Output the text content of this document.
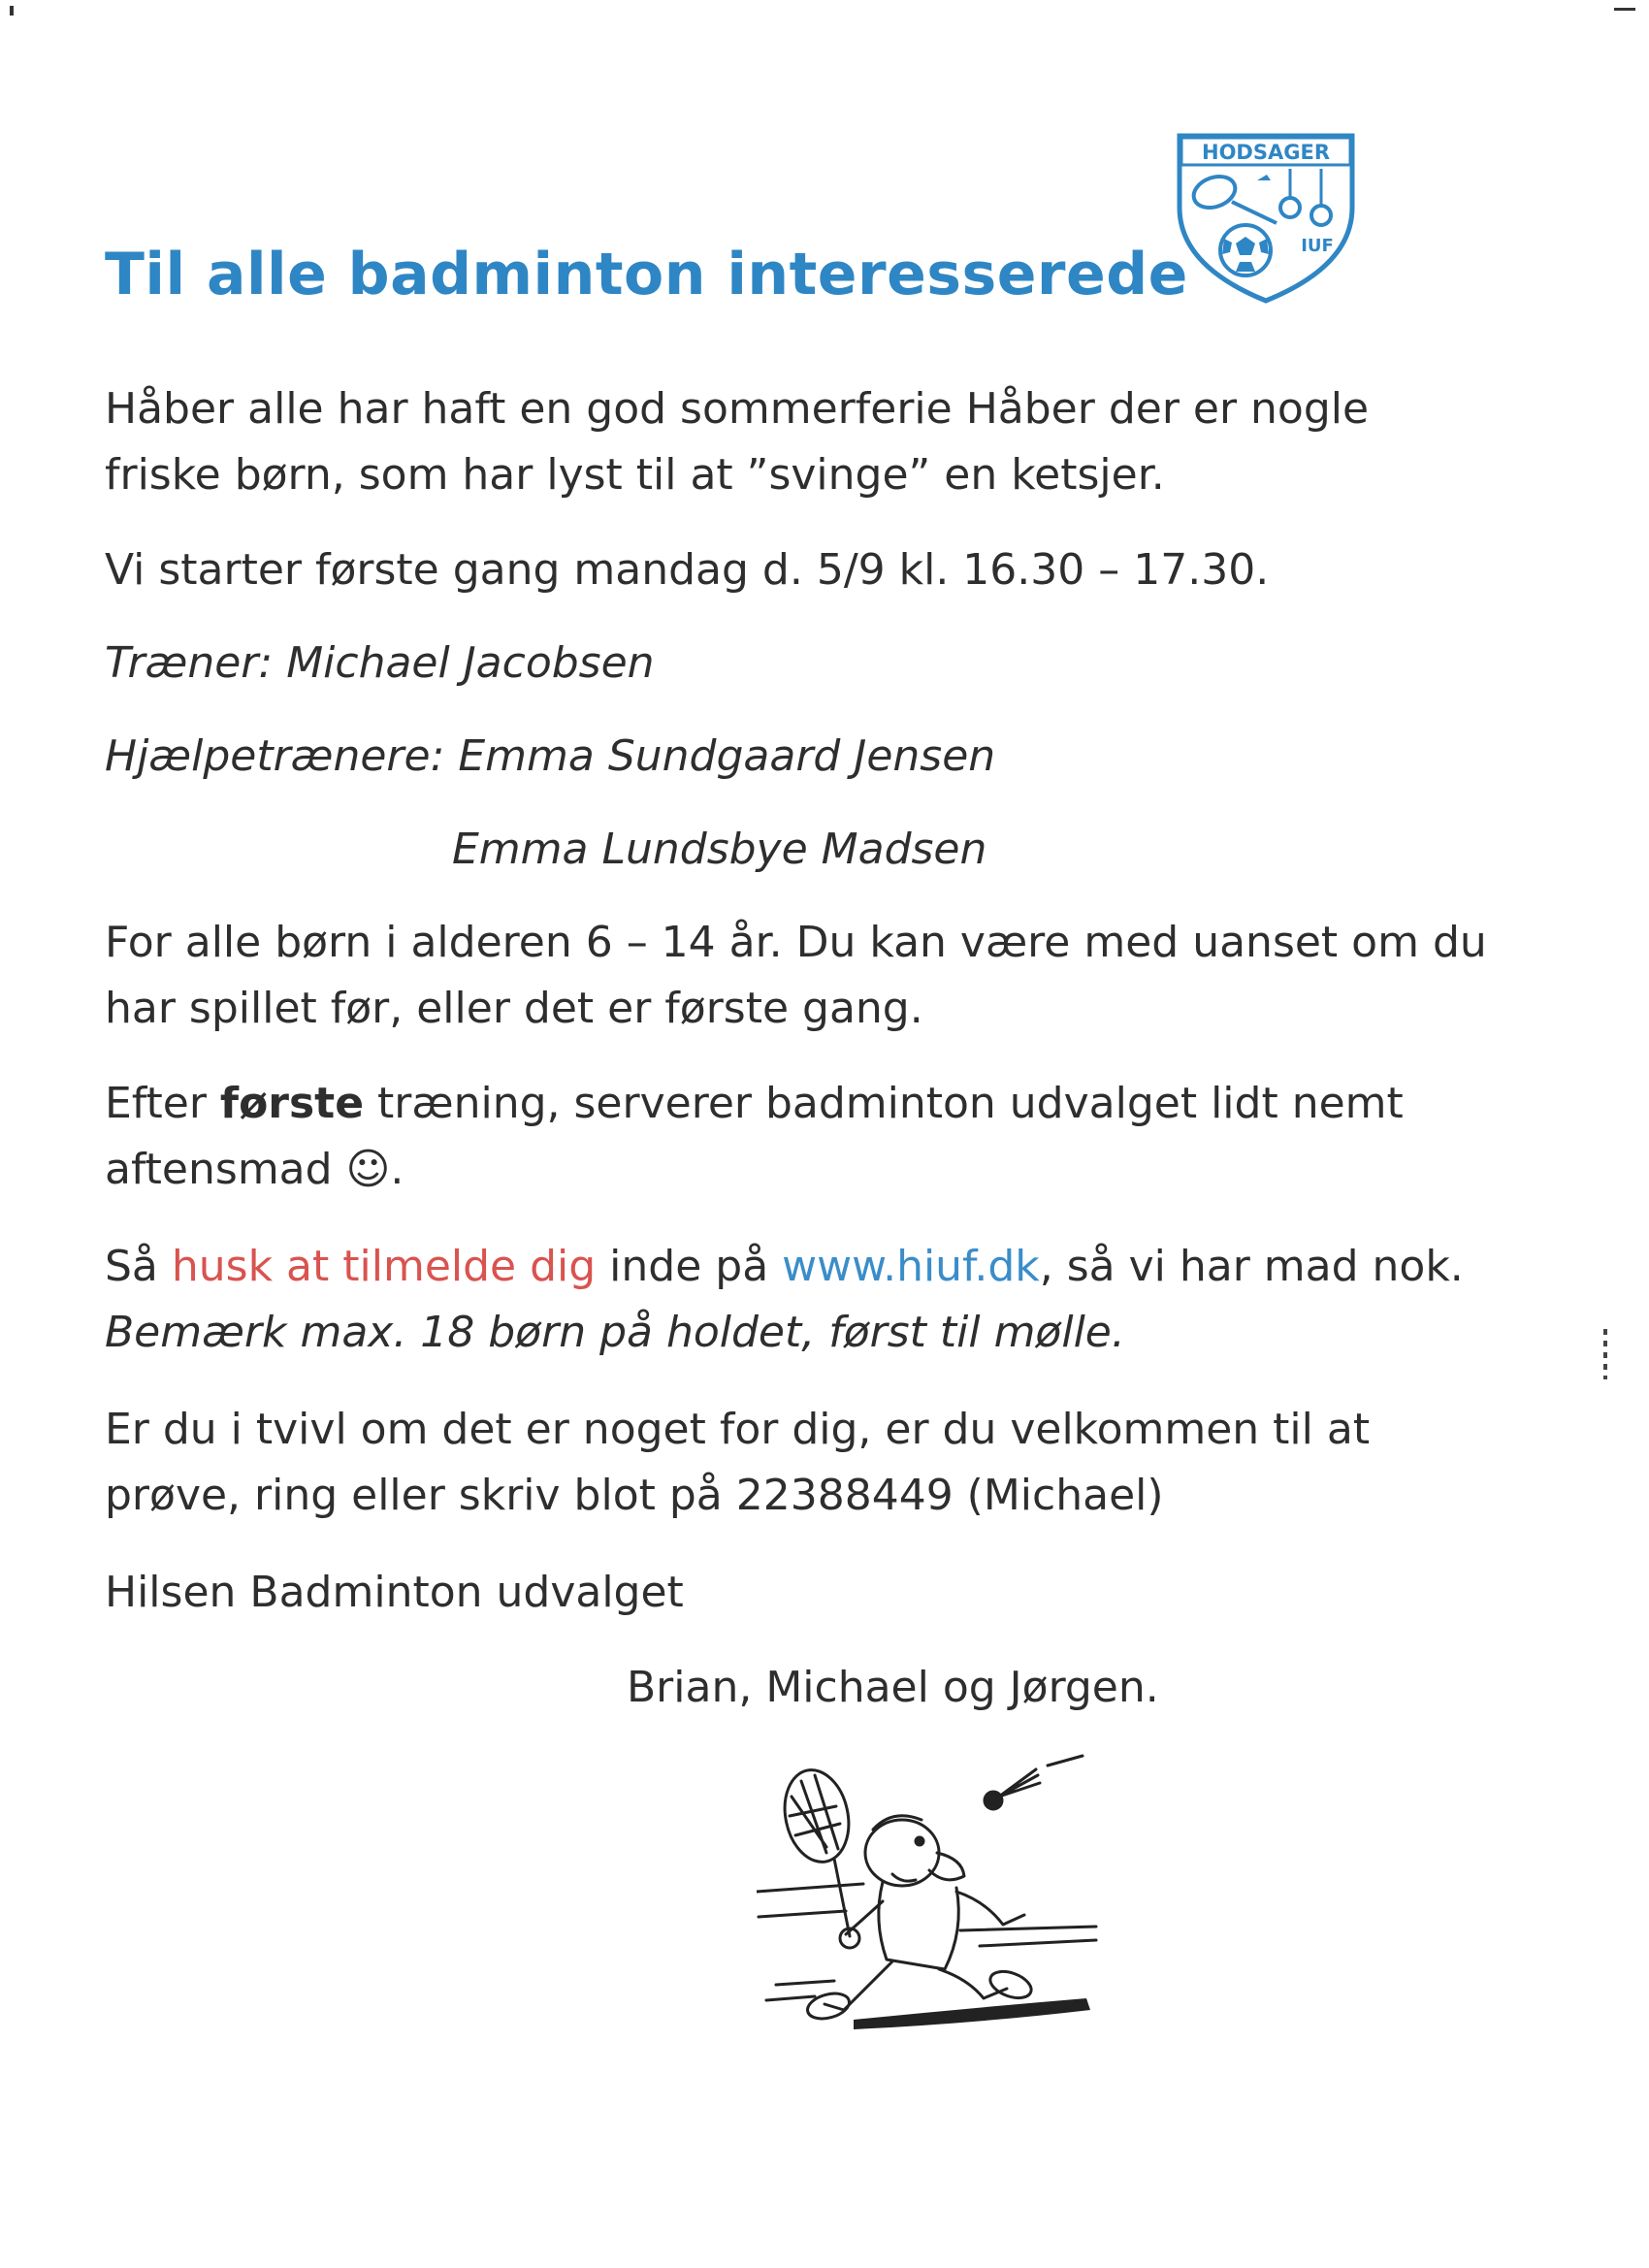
HODSAGER
IUF
Til alle badminton interesserede
Håber alle har haft en god sommerferie Håber der er nogle
friske børn, som har lyst til at ”svinge” en ketsjer.
Vi starter første gang mandag d. 5/9 kl. 16.30 – 17.30.
Træner: Michael Jacobsen
Hjælpetrænere: Emma Sundgaard Jensen
Emma Lundsbye Madsen
For alle børn i alderen 6 – 14 år. Du kan være med uanset om du
har spillet før, eller det er første gang.
Efter første træning, serverer badminton udvalget lidt nemt
aftensmad ☺.
Så husk at tilmelde dig inde på www.hiuf.dk, så vi har mad nok.
Bemærk max. 18 børn på holdet, først til mølle.
Er du i tvivl om det er noget for dig, er du velkommen til at
prøve, ring eller skriv blot på 22388449 (Michael)
Hilsen Badminton udvalget
Brian, Michael og Jørgen.
